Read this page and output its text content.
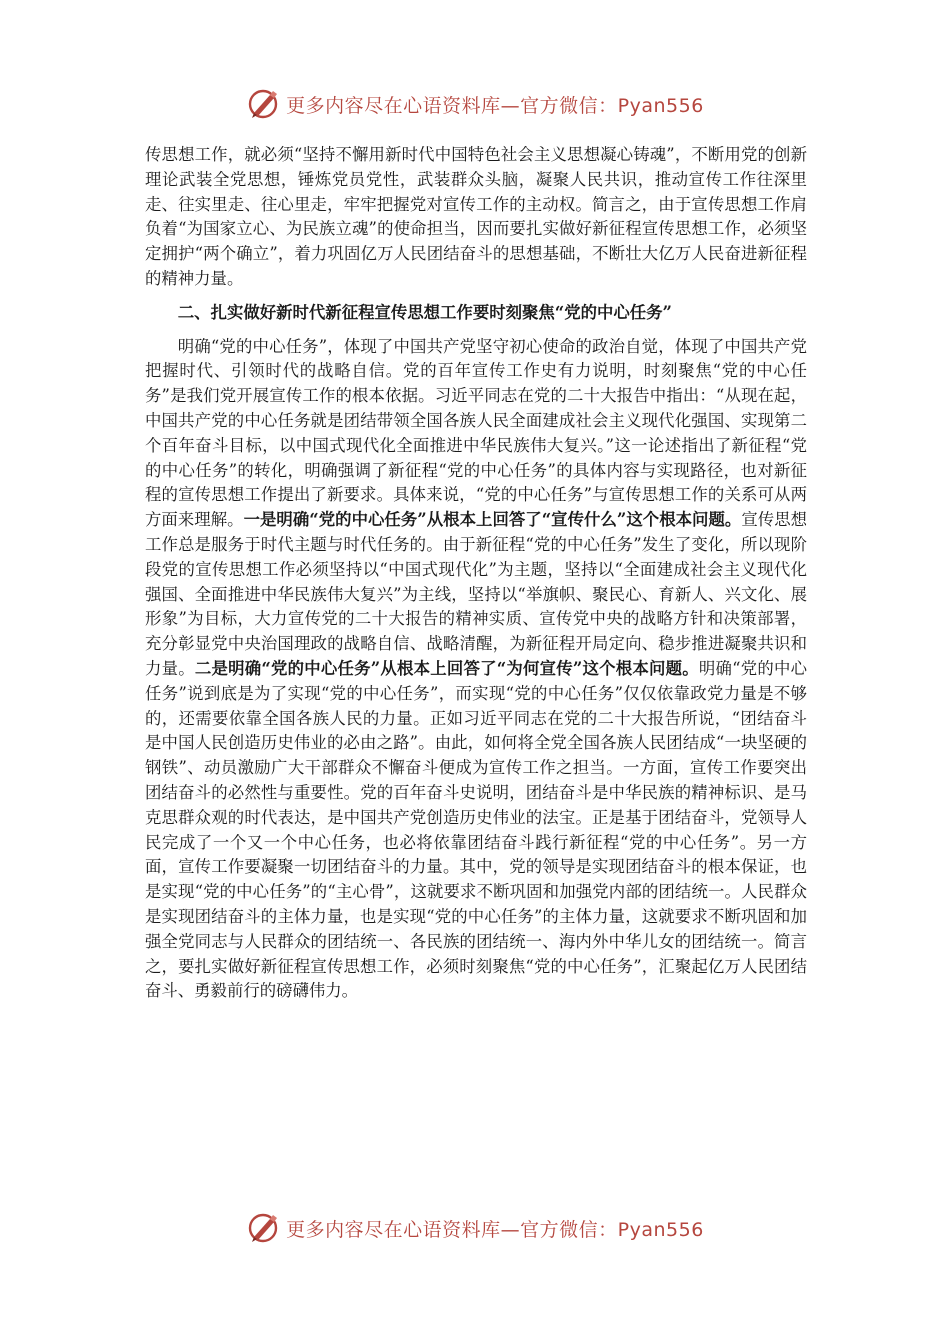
更多内容尽在心语资料库—官方微信：Pyan556

传思想工作，就必须“坚持不懈用新时代中国特色社会主义思想凝心铸魂”，不断用党的创新理论武装全党思想，锤炼党员党性，武装群众头脑，凝聚人民共识，推动宣传工作往深里走、往实里走、往心里走，牢牢把握党对宣传工作的主动权。简言之，由于宣传思想工作肩负着“为国家立心、为民族立魂”的使命担当，因而要扎实做好新征程宣传思想工作，必须坚定拥护“两个确立”，着力巩固亿万人民团结奋斗的思想基础，不断壮大亿万人民奋进新征程的精神力量。

二、扎实做好新时代新征程宣传思想工作要时刻聚焦“党的中心任务”

明确“党的中心任务”，体现了中国共产党坚守初心使命的政治自觉，体现了中国共产党把握时代、引领时代的战略自信。党的百年宣传工作史有力说明，时刻聚焦“党的中心任务”是我们党开展宣传工作的根本依据。习近平同志在党的二十大报告中指出：“从现在起，中国共产党的中心任务就是团结带领全国各族人民全面建成社会主义现代化强国、实现第二个百年奋斗目标，以中国式现代化全面推进中华民族伟大复兴。”这一论述指出了新征程“党的中心任务”的转化，明确强调了新征程“党的中心任务”的具体内容与实现路径，也对新征程的宣传思想工作提出了新要求。具体来说，“党的中心任务”与宣传思想工作的关系可从两方面来理解。一是明确“党的中心任务”从根本上回答了“宣传什么”这个根本问题。宣传思想工作总是服务于时代主题与时代任务的。由于新征程“党的中心任务”发生了变化，所以现阶段党的宣传思想工作必须坚持以“中国式现代化”为主题，坚持以“全面建成社会主义现代化强国、全面推进中华民族伟大复兴”为主线，坚持以“举旗帜、聚民心、育新人、兴文化、展形象”为目标，大力宣传党的二十大报告的精神实质、宣传党中央的战略方针和决策部署，充分彰显党中央治国理政的战略自信、战略清醒，为新征程开局定向、稳步推进凝聚共识和力量。二是明确“党的中心任务”从根本上回答了“为何宣传”这个根本问题。明确“党的中心任务”说到底是为了实现“党的中心任务”，而实现“党的中心任务”仅仅依靠政党力量是不够的，还需要依靠全国各族人民的力量。正如习近平同志在党的二十大报告所说，“团结奋斗是中国人民创造历史伟业的必由之路”。由此，如何将全党全国各族人民团结成“一块坚硬的钢铁”、动员激励广大干部群众不懈奋斗便成为宣传工作之担当。一方面，宣传工作要突出团结奋斗的必然性与重要性。党的百年奋斗史说明，团结奋斗是中华民族的精神标识、是马克思群众观的时代表达，是中国共产党创造历史伟业的法宝。正是基于团结奋斗，党领导人民完成了一个又一个中心任务，也必将依靠团结奋斗践行新征程“党的中心任务”。另一方面，宣传工作要凝聚一切团结奋斗的力量。其中，党的领导是实现团结奋斗的根本保证，也是实现“党的中心任务”的“主心骨”，这就要求不断巩固和加强党内部的团结统一。人民群众是实现团结奋斗的主体力量，也是实现“党的中心任务”的主体力量，这就要求不断巩固和加强全党同志与人民群众的团结统一、各民族的团结统一、海内外中华儿女的团结统一。简言之，要扎实做好新征程宣传思想工作，必须时刻聚焦“党的中心任务”，汇聚起亿万人民团结奋斗、勇毅前行的磅礴伟力。

更多内容尽在心语资料库—官方微信：Pyan556
